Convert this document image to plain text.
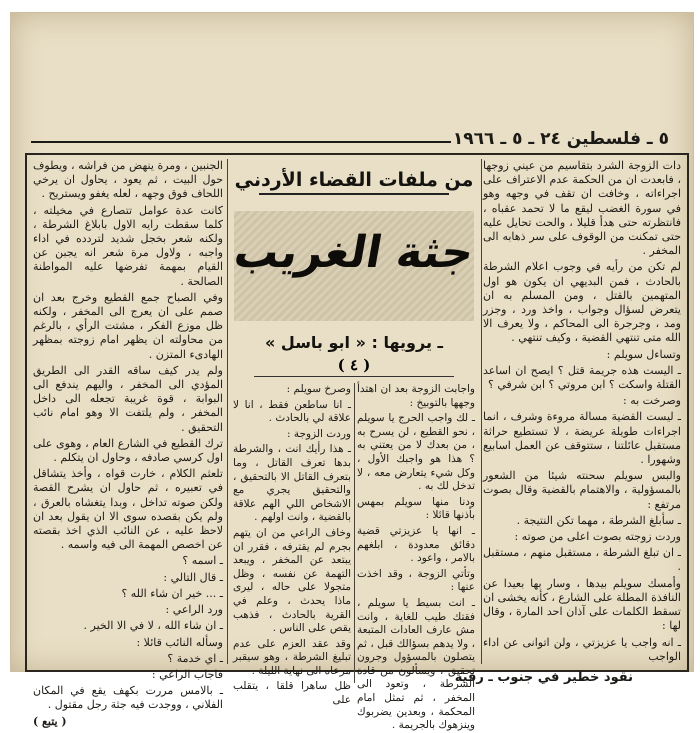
٥ ـ فلسطين ٢٤ ـ ٥ ـ ١٩٦٦

دات الزوجة الشرد بتقاسيم من عيني زوجها ، فابعدت ان من الحكمة عدم الاعتراف على اجراءاته ، وخافت ان تقف في وجهه وهو في سورة الغضب ليقع ما لا تحمد عقباه ، فانتظرته حتى هدأ قليلا ، والحت تحايل عليه حتى تمكنت من الوقوف على سر ذهابه الى المخفر .

لم تكن من رأيه في وجوب اعلام الشرطة بالحادث ، فمن البديهي ان يكون هو اول المتهمين بالقتل ، ومن المسلم به ان يتعرض لسؤال وجواب ، واخذ ورد ، وجزر ومد ، وجرجرة الى المحاكم ، ولا يعرف الا الله متى تنتهي القضية ، وكيف تنتهي .

وتساءل سويلم :

ـ اليست هذه جريمة قتل ؟ ايصح ان اساعد القتلة واسكت ؟ ابن مروتي ؟ ابن شرفي ؟

وصرخت به :

ـ ليست القضية مسالة مروءة وشرف ، انما اجراءات طويلة عريضة ، لا تستطيع حراثة مستقبل عائلتنا ، ستتوقف عن العمل اسابيع وشهورا .

والبس سويلم سحنته شيئا من الشعور بالمسؤولية ، والاهتمام بالقضية وقال بصوت مرتفع :

ـ سأبلغ الشرطة ، مهما تكن النتيجة .

وردت زوجته بصوت اعلى من صوته :

ـ ان تبلغ الشرطة ، مستقبل منهم ، مستقبل .

وأمسك سويلم بيدها ، وسار بها بعيدا عن النافذة المطلة على الشارع ، كأنه يخشى ان تسقط الكلمات على آذان احد المارة ، وقال لها :

ـ انه واجب يا عزيزتي ، ولن اتوانى عن اداء الواجب

من ملفات القضاء الأردني
جثة الغريب
ـ يرويها : « ابو باسل »
( ٤ )

واجابت الزوجة بعد ان اهتدأ وجهها بالتوبيخ :

ـ لك واجب الحرج يا سويلم ، نحو القطيع ، لن يسرح به ، من بعدك لا من يعتني به ؟ هذا هو واجبك الأول ، وكل شيء يتعارض معه ، لا تدخل لك به .

ودنا منها سويلم بمهس بأذنها قائلا :

ـ انها يا عزيزتي قضية دقائق معدودة ، ابلغهم بالامر ، واعود .

وتأتي الزوجة ، وقد اخذت عنها :

ـ انت بسيط يا سويلم ، فقتك طيب للغاية ، وانت مش عارف العادات المتبعة ، ولا يدهم بسؤالك قبل ، ثم يتصلون بالمسؤول وجرون تحقيق ، ويسألون من قادة الشرطة ، وتعود الى المخفر ، ثم تمثل امام المحكمة ، وبعدين يضربوك وينزهوك بالجريمة .

وصرخ سويلم :

ـ انا ساطعن فقط ، انا لا علاقة لي بالحادث .

وردت الزوجة :

ـ هذا رأيك انت ، والشرطة بدها تعرف القاتل ، وما بتعرف القاتل الا بالتحقيق ، والتحقيق يجري مع الاشخاص اللي الهم علاقة بالقضية ، وانت اولهم .

وخاف الراعي من ان يتهم بجرم لم يقترفه ، فقرر ان يبتعد عن المخفر ، ويبعد التهمة عن نفسه ، وظل متجولا على حاله ، ليرى ماذا يحدث ، وعلم في القرية بالحادث ، فذهب يقص على الناس .

وقد عقد العزم على عدم تبليغ الشرطة ، وهو سيقبر مرعاه الى نهاية الليلة .

ظل ساهرا قلقا ، يتقلب على

الجنبين ، ومرة ينهض من فراشه ، ويطوف حول البيت ، ثم يعود ، يحاول ان يرخي اللحاف فوق وجهه ، لعله يغفو ويستريح .

كانت عدة عوامل تتصارع في مخيلته ، كلما سقطت رايه الاول بابلاغ الشرطة ، ولكنه شعر بخجل شديد لتردده في اداء واجبه ، ولاول مرة شعر انه يجبن عن القيام بمهمة تفرضها عليه المواطنة الصالحة .

وفي الصباح جمع القطيع وخرج بعد ان صمم على ان يعرج الى المخفر ، ولكنه ظل موزع الفكر ، مشتت الرأي ، بالرغم من محاولته ان يظهر امام زوجته بمظهر الهادىء المتزن .

ولم يدر كيف ساقه القدر الى الطريق المؤدي الى المخفر ، واليهم يندفع الى البوابة ، قوة غريبة تجعله الى داخل المخفر ، ولم يلتفت الا وهو امام نائب التحقيق .

ترك القطيع في الشارع العام ، وهوى على اول كرسي صادفه ، وحاول ان يتكلم .

تلعثم الكلام ، خارت قواه ، وأخذ يتشاقل في تعبيره ، ثم حاول ان يشرح القصة ولكن صوته تداخل ، وبدا يتغشاه بالعرق ، ولم يكن بقصده سوى الا ان يقول بعد ان لاحظ عليه ، عن النائب الذي اخذ بقصته عن اخصص المهمة الى فيه واسمه .

ـ اسمه ؟

ـ قال التالي :

ـ ... خير ان شاء الله ؟

ورد الراعي :

ـ ان شاء الله ، لا في الا الخير .

وسأله النائب قائلا :

ـ اي خدمة ؟

فاجاب الراعي :

ـ بالامس مررت بكهف يقع في المكان الفلاني ، ووجدت فيه جثة رجل مقتول .

( يتبع )

نقود خطير في جنوب ـ رفية
